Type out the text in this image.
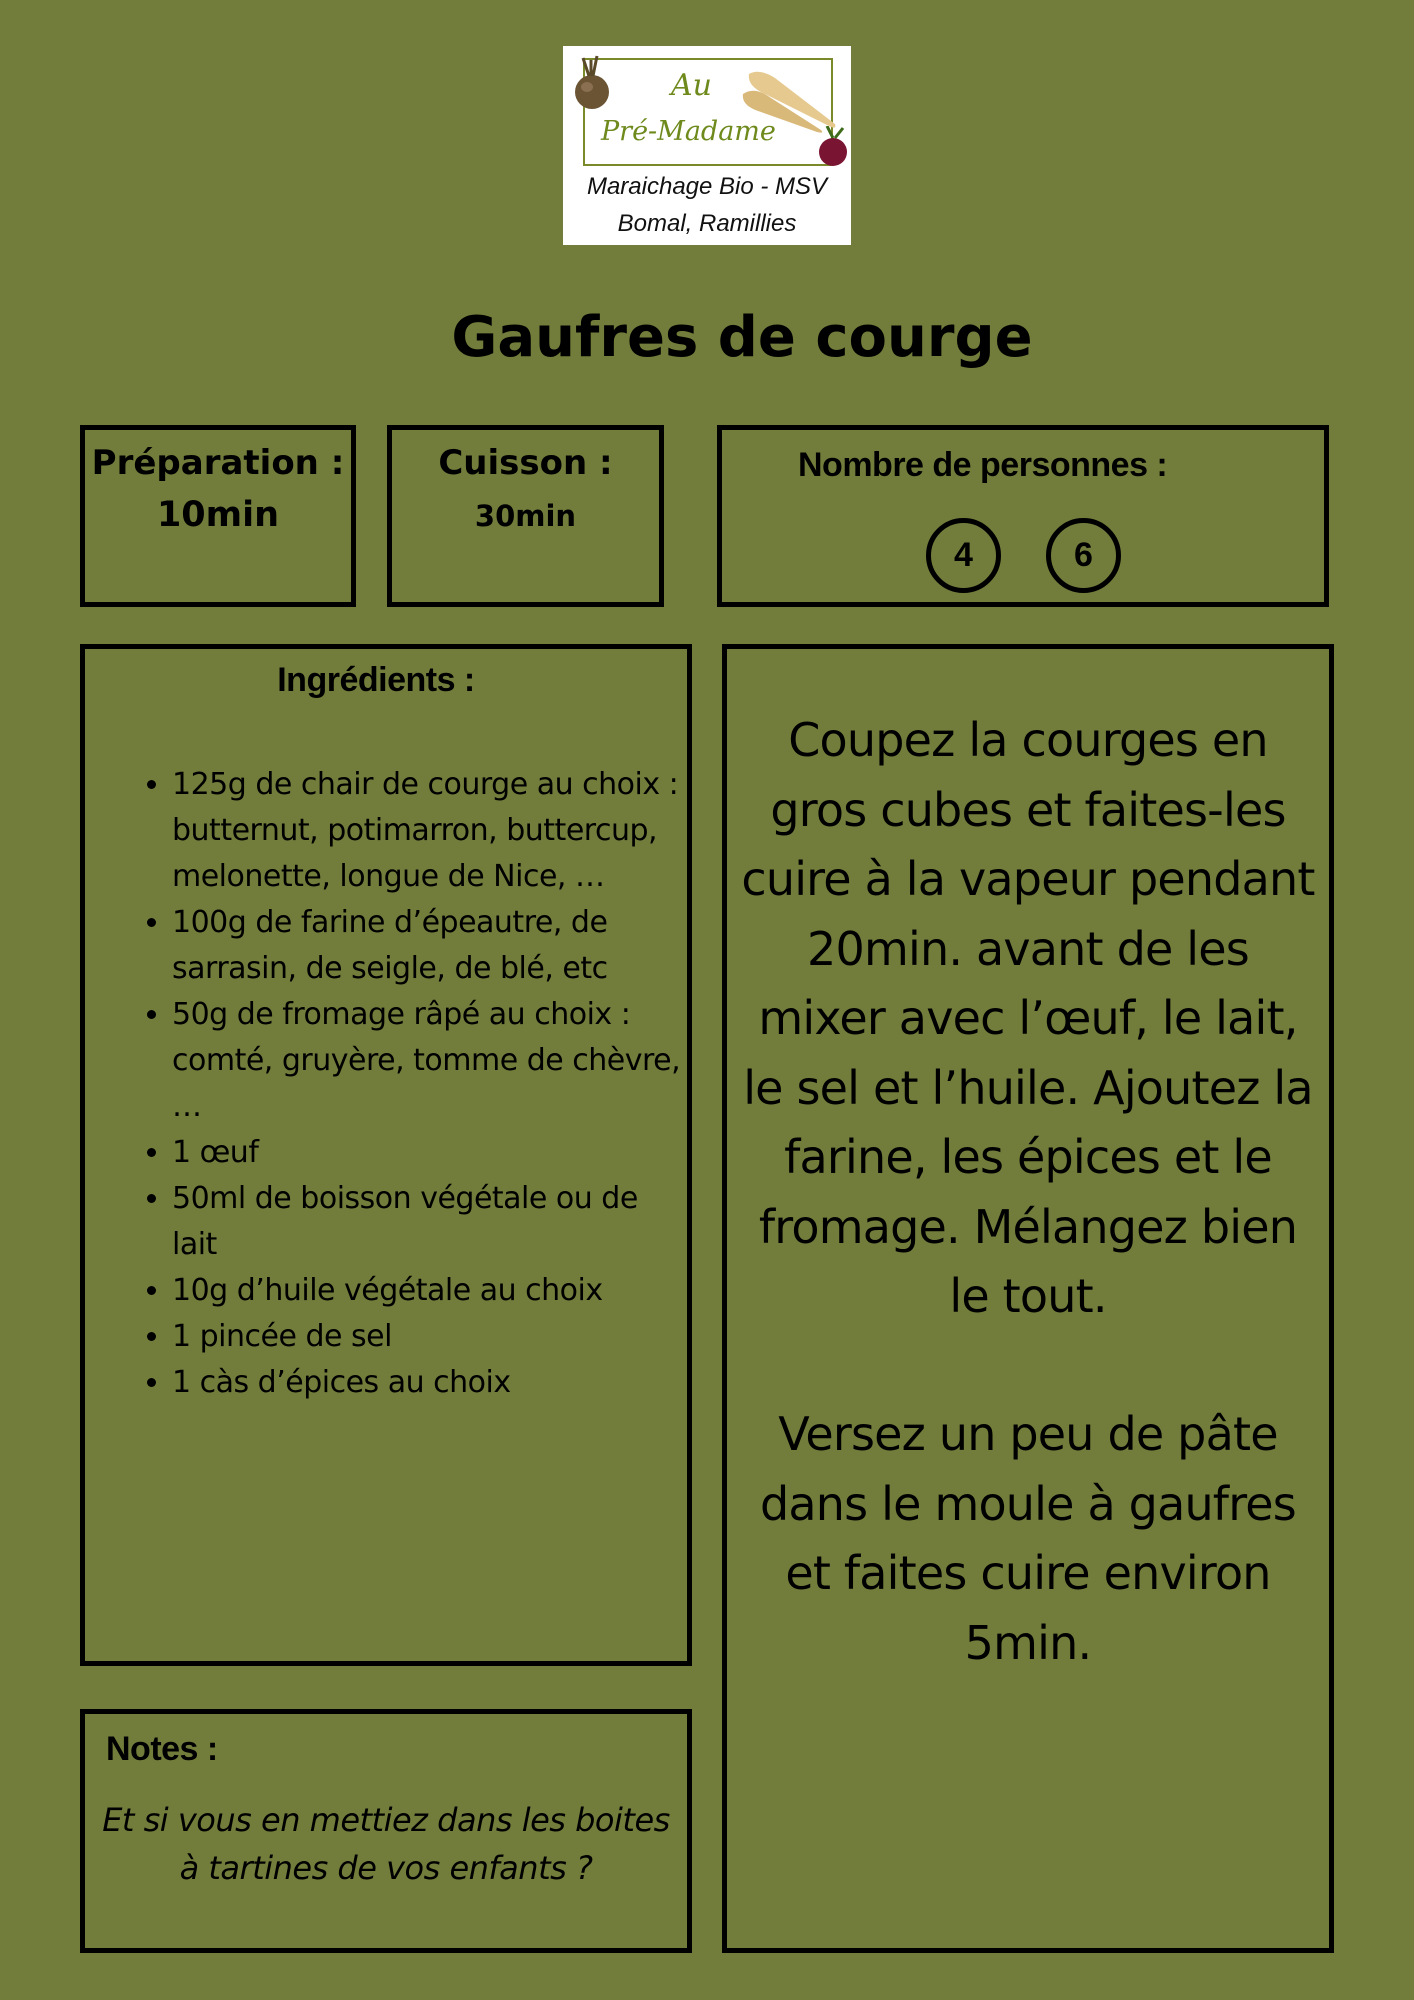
Au
Pré-Madame
Maraichage Bio - MSV
Bomal, Ramillies
Gaufres de courge
Préparation :
10min
Cuisson :
30min
Nombre de personnes :
4	6
Ingrédients :
• 125g de chair de courge au choix : butternut, potimarron, buttercup, melonette, longue de Nice, …
• 100g de farine d’épeautre, de sarrasin, de seigle, de blé, etc
• 50g de fromage râpé au choix : comté, gruyère, tomme de chèvre, …
• 1 œuf
• 50ml de boisson végétale ou de lait
• 10g d’huile végétale au choix
• 1 pincée de sel
• 1 càs d’épices au choix
Coupez la courges en gros cubes et faites-les cuire à la vapeur pendant 20min. avant de les mixer avec l’œuf, le lait, le sel et l’huile. Ajoutez la farine, les épices et le fromage. Mélangez bien le tout.
Versez un peu de pâte dans le moule à gaufres et faites cuire environ 5min.
Notes :
Et si vous en mettiez dans les boites à tartines de vos enfants ?
